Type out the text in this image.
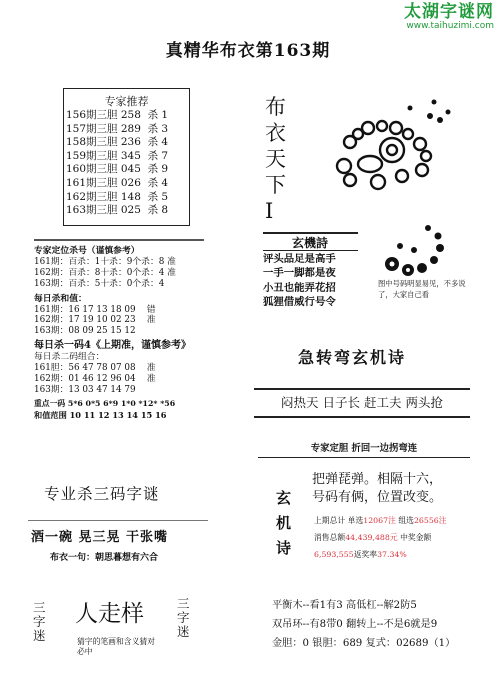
太湖字谜网
www.taihuzimi.com
真精华布衣第163期
专家推荐
156期三胆 258  杀 1
157期三胆 289  杀 3
158期三胆 236  杀 4
159期三胆 345  杀 7
160期三胆 045  杀 9
161期三胆 026  杀 4
162期三胆 148  杀 5
163期三胆 025  杀 8
专家定位杀号（谨慎参考）
161期：百杀：1十杀：9个杀：8 准
162期：百杀：8十杀：0个杀：4 准
163期：百杀：5十杀：0个杀：4
每日杀和值：
161期：16 17 13 18 09    错
162期：17 19 10 02 23    准
163期：08 09 25 15 12
每日杀一码4《上期准，谨慎参考》
每日杀二码组合：
161胆：56 47 78 07 08    准
162期：01 46 12 96 04    准
163期：13 03 47 14 79
重点一码 5*6 0*5 6*9 1*0 *12* *56
和值范围 10 11 12 13 14 15 16
专业杀三码字谜
酒一碗 晃三晃 干张嘴
布衣一句：朝思暮想有六合
三字迷
人走样	三字迷
猜字的笔画和含义猜对必中
布衣天下I
玄機詩
评头品足是高手
一手一脚都是夜
小丑也能弄花招
狐狸借威行号令
图中号码明显易见，不多说了，大家自己看
急转弯玄机诗
闷热天 日子长 赶工夫 两头抢
专家定胆 折回一边拐弯连
玄机诗
把弹琵弹。相隔十六，
号码有俩，位置改变。
上期总计 单选12067注 组选26556注
消售总额44,439,488元 中奖金额
6,593,555返奖率37.34%
平衡木--看1有3 高低杠--解2防5
双吊环--有8带0 翻转上--不是6就是9
金胆：0 银胆：689 复式：02689（1）
